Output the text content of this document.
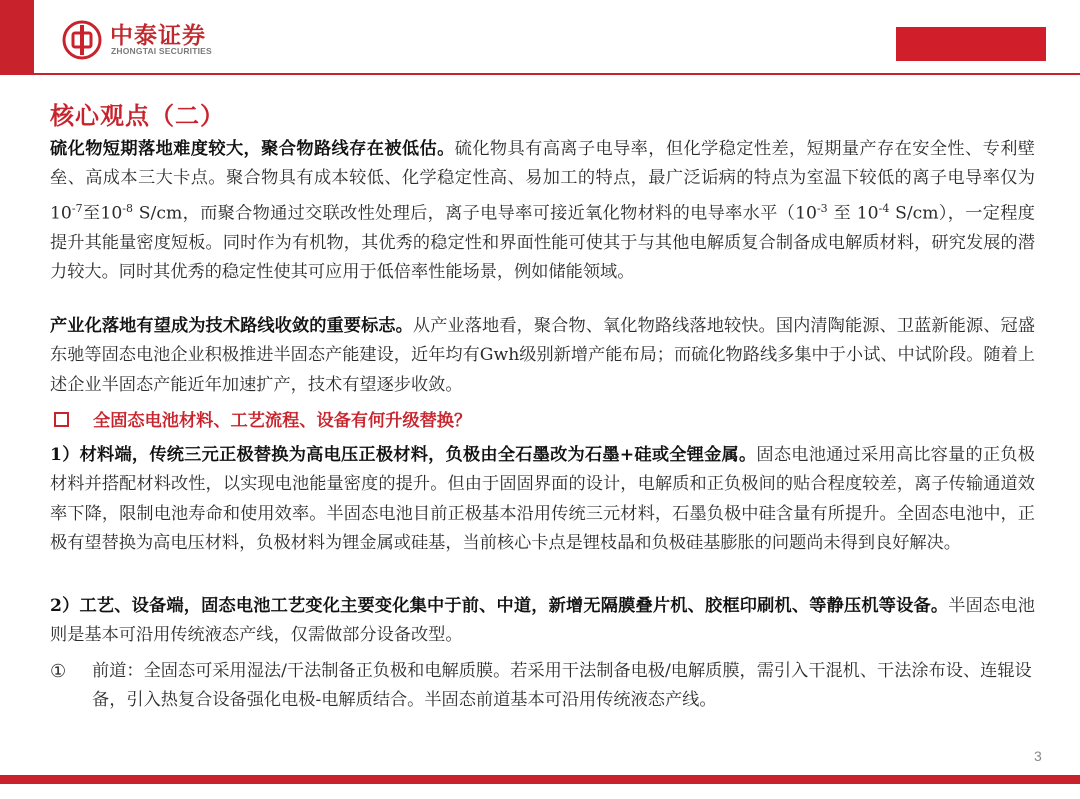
中泰证券
ZHONGTAI SECURITIES
核心观点（二）

硫化物短期落地难度较大，聚合物路线存在被低估。硫化物具有高离子电导率，但化学稳定性差，短期量产存在安全性、专利壁垒、高成本三大卡点。聚合物具有成本较低、化学稳定性高、易加工的特点，最广泛诟病的特点为室温下较低的离子电导率仅为$10^{-7}$至$10^{-8}$ S/cm，而聚合物通过交联改性处理后，离子电导率可接近氧化物材料的电导率水平（$10^{-3}$ 至 $10^{-4}$ S/cm），一定程度提升其能量密度短板。同时作为有机物，其优秀的稳定性和界面性能可使其于与其他电解质复合制备成电解质材料，研究发展的潜力较大。同时其优秀的稳定性使其可应用于低倍率性能场景，例如储能领域。

产业化落地有望成为技术路线收敛的重要标志。从产业落地看，聚合物、氧化物路线落地较快。国内清陶能源、卫蓝新能源、冠盛东驰等固态电池企业积极推进半固态产能建设，近年均有Gwh级别新增产能布局；而硫化物路线多集中于小试、中试阶段。随着上述企业半固态产能近年加速扩产，技术有望逐步收敛。

全固态电池材料、工艺流程、设备有何升级替换？

1）材料端，传统三元正极替换为高电压正极材料，负极由全石墨改为石墨+硅或全锂金属。固态电池通过采用高比容量的正负极材料并搭配材料改性，以实现电池能量密度的提升。但由于固固界面的设计，电解质和正负极间的贴合程度较差，离子传输通道效率下降，限制电池寿命和使用效率。半固态电池目前正极基本沿用传统三元材料，石墨负极中硅含量有所提升。全固态电池中，正极有望替换为高电压材料，负极材料为锂金属或硅基，当前核心卡点是锂枝晶和负极硅基膨胀的问题尚未得到良好解决。

2）工艺、设备端，固态电池工艺变化主要变化集中于前、中道，新增无隔膜叠片机、胶框印刷机、等静压机等设备。半固态电池则是基本可沿用传统液态产线，仅需做部分设备改型。

① 前道：全固态可采用湿法/干法制备正负极和电解质膜。若采用干法制备电极/电解质膜，需引入干混机、干法涂布设、连辊设备，引入热复合设备强化电极-电解质结合。半固态前道基本可沿用传统液态产线。
3
